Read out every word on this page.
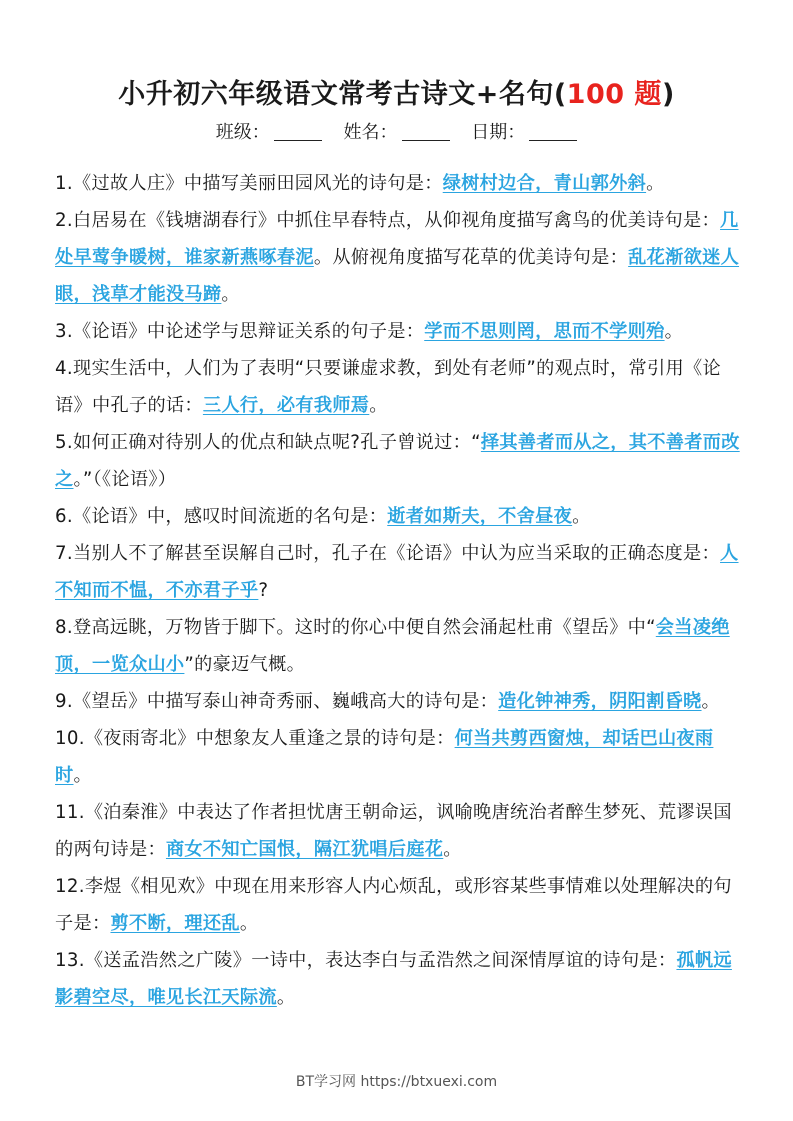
小升初六年级语文常考古诗文+名句(100 题)
班级：	姓名：	日期：

1.《过故人庄》中描写美丽田园风光的诗句是：绿树村边合，青山郭外斜。

2.白居易在《钱塘湖春行》中抓住早春特点，从仰视角度描写禽鸟的优美诗句是：几处早莺争暖树，谁家新燕啄春泥。从俯视角度描写花草的优美诗句是：乱花渐欲迷人眼，浅草才能没马蹄。

3.《论语》中论述学与思辩证关系的句子是：学而不思则罔，思而不学则殆。

4.现实生活中，人们为了表明“只要谦虚求教，到处有老师”的观点时，常引用《论语》中孔子的话：三人行，必有我师焉。

5.如何正确对待别人的优点和缺点呢?孔子曾说过：“择其善者而从之，其不善者而改之。”（《论语》）

6.《论语》中，感叹时间流逝的名句是：逝者如斯夫，不舍昼夜。

7.当别人不了解甚至误解自己时，孔子在《论语》中认为应当采取的正确态度是：人不知而不愠，不亦君子乎?

8.登高远眺，万物皆于脚下。这时的你心中便自然会涌起杜甫《望岳》中“会当凌绝顶，一览众山小”的豪迈气概。

9.《望岳》中描写泰山神奇秀丽、巍峨高大的诗句是：造化钟神秀，阴阳割昏晓。

10.《夜雨寄北》中想象友人重逢之景的诗句是：何当共剪西窗烛，却话巴山夜雨时。

11.《泊秦淮》中表达了作者担忧唐王朝命运，讽喻晚唐统治者醉生梦死、荒谬误国的两句诗是：商女不知亡国恨，隔江犹唱后庭花。

12.李煜《相见欢》中现在用来形容人内心烦乱，或形容某些事情难以处理解决的句子是：剪不断，理还乱。

13.《送孟浩然之广陵》一诗中，表达李白与孟浩然之间深情厚谊的诗句是：孤帆远影碧空尽，唯见长江天际流。

BT学习网 https://btxuexi.com
